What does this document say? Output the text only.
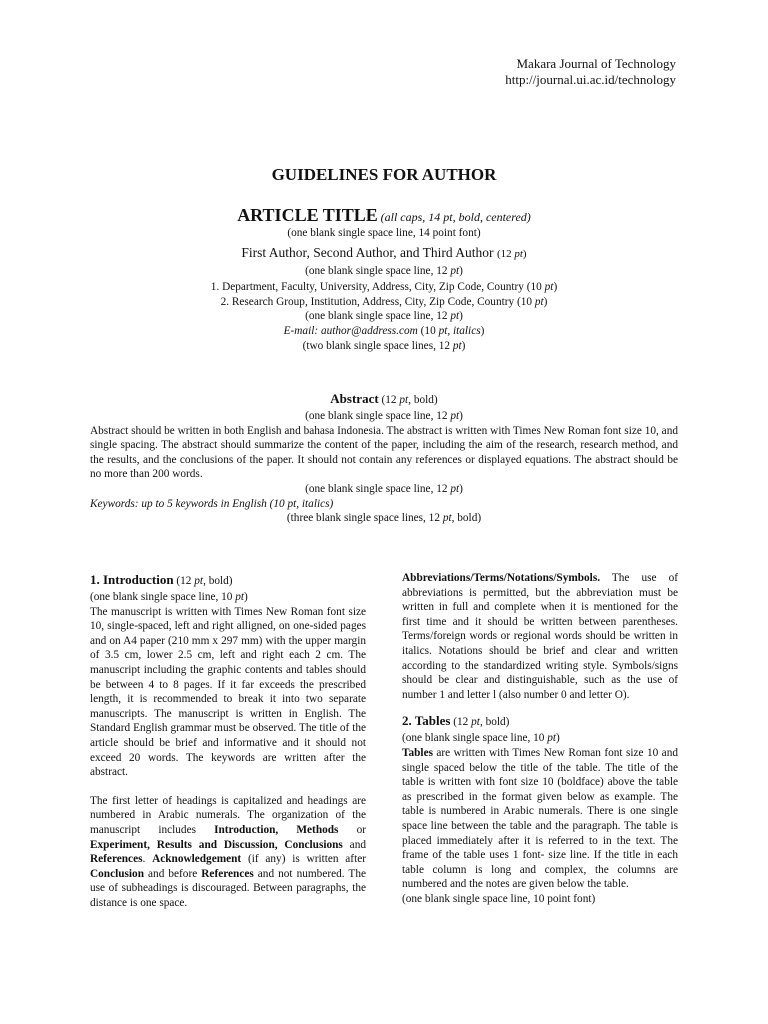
Makara Journal of Technology
http://journal.ui.ac.id/technology
GUIDELINES FOR AUTHOR
ARTICLE TITLE (all caps, 14 pt, bold, centered)
(one blank single space line, 14 point font)
First Author, Second Author, and Third Author (12 pt)
(one blank single space line, 12 pt)
1. Department, Faculty, University, Address, City, Zip Code, Country (10 pt)
2. Research Group, Institution, Address, City, Zip Code, Country (10 pt)
(one blank single space line, 12 pt)
E-mail: author@address.com (10 pt, italics)
(two blank single space lines, 12 pt)
Abstract (12 pt, bold)
(one blank single space line, 12 pt)
Abstract should be written in both English and bahasa Indonesia. The abstract is written with Times New Roman font size 10, and single spacing. The abstract should summarize the content of the paper, including the aim of the research, research method, and the results, and the conclusions of the paper. It should not contain any references or displayed equations. The abstract should be no more than 200 words.
(one blank single space line, 12 pt)
Keywords: up to 5 keywords in English (10 pt, italics)
(three blank single space lines, 12 pt, bold)
1. Introduction (12 pt, bold)
(one blank single space line, 10 pt)

The manuscript is written with Times New Roman font size 10, single-spaced, left and right alligned, on one-sided pages and on A4 paper (210 mm x 297 mm) with the upper margin of 3.5 cm, lower 2.5 cm, left and right each 2 cm. The manuscript including the graphic contents and tables should be between 4 to 8 pages. If it far exceeds the prescribed length, it is recommended to break it into two separate manuscripts. The manuscript is written in English. The Standard English grammar must be observed. The title of the article should be brief and informative and it should not exceed 20 words. The keywords are written after the abstract.

The first letter of headings is capitalized and headings are numbered in Arabic numerals. The organization of the manuscript includes Introduction, Methods or Experiment, Results and Discussion, Conclusions and References. Acknowledgement (if any) is written after Conclusion and before References and not numbered. The use of subheadings is discouraged. Between paragraphs, the distance is one space.

Abbreviations/Terms/Notations/Symbols. The use of abbreviations is permitted, but the abbreviation must be written in full and complete when it is mentioned for the first time and it should be written between parentheses. Terms/foreign words or regional words should be written in italics. Notations should be brief and clear and written according to the standardized writing style. Symbols/signs should be clear and distinguishable, such as the use of number 1 and letter l (also number 0 and letter O).

2. Tables (12 pt, bold)
(one blank single space line, 10 pt)

Tables are written with Times New Roman font size 10 and single spaced below the title of the table. The title of the table is written with font size 10 (boldface) above the table as prescribed in the format given below as example. The table is numbered in Arabic numerals. There is one single space line between the table and the paragraph. The table is placed immediately after it is referred to in the text. The frame of the table uses 1 font- size line. If the title in each table column is long and complex, the columns are numbered and the notes are given below the table.

(one blank single space line, 10 point font)
